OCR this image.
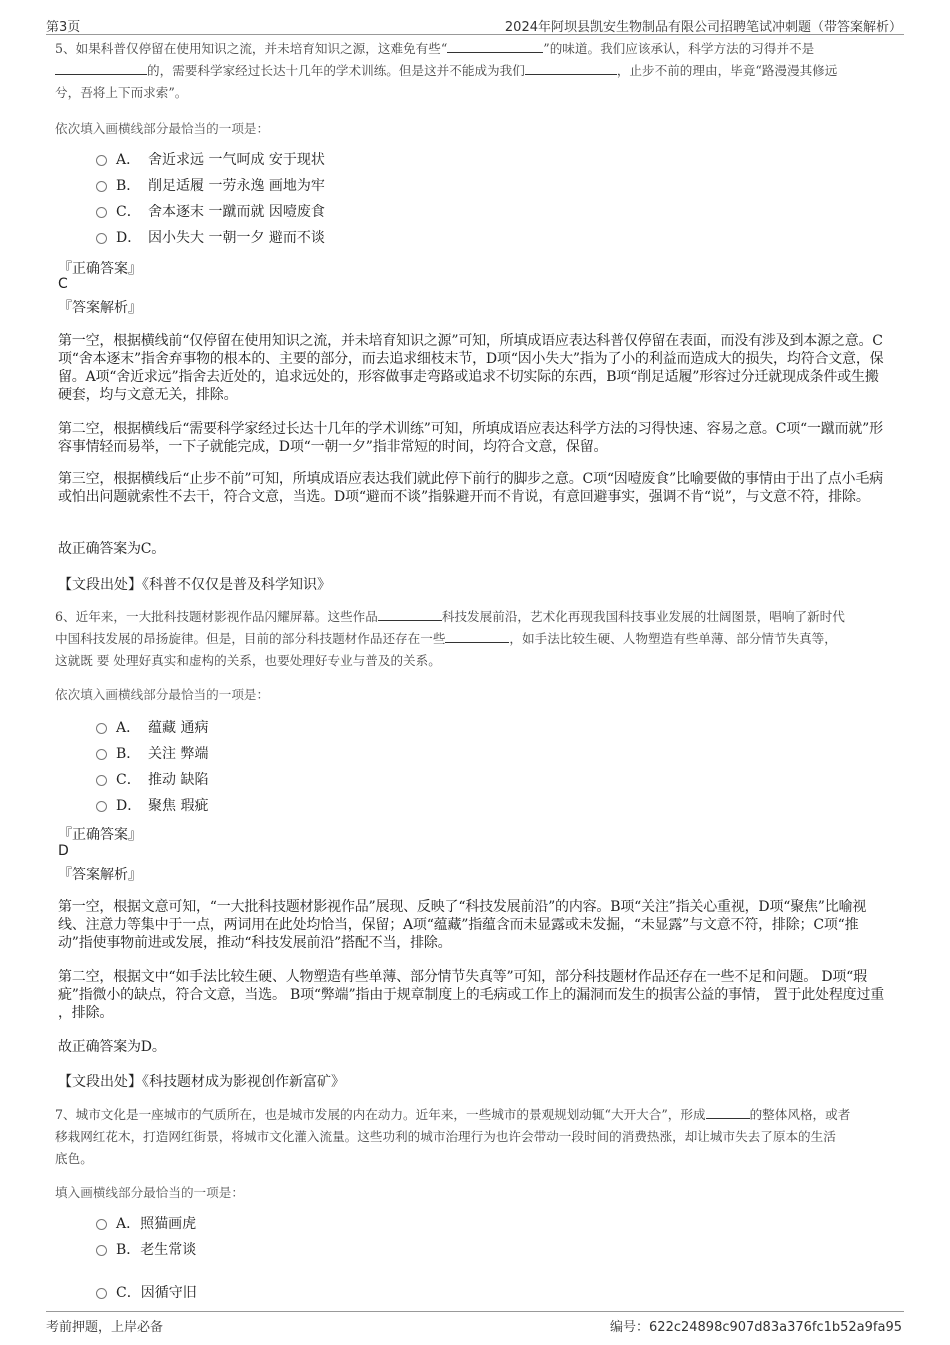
第3页	2024年阿坝县凯安生物制品有限公司招聘笔试冲刺题（带答案解析）

5、如果科普仅停留在使用知识之流，并未培育知识之源，这难免有些“	”的味道。我们应该承认，科学方法的习得并不是
的，需要科学家经过长达十几年的学术训练。但是这并不能成为我们	，止步不前的理由，毕竟“路漫漫其修远
兮，吾将上下而求索”。

依次填入画横线部分最恰当的一项是：

A． 舍近求远 一气呵成 安于现状
B． 削足适履 一劳永逸 画地为牢
C． 舍本逐末 一蹴而就 因噎废食
D． 因小失大 一朝一夕 避而不谈
『正确答案』
C
『答案解析』

第一空，根据横线前“仅停留在使用知识之流，并未培育知识之源”可知，所填成语应表达科普仅停留在表面，而没有涉及到本源之意。C项“舍本逐末”指舍弃事物的根本的、主要的部分，而去追求细枝末节，D项“因小失大”指为了小的利益而造成大的损失，均符合文意，保留。A项“舍近求远”指舍去近处的，追求远处的，形容做事走弯路或追求不切实际的东西，B项“削足适履”形容过分迁就现成条件或生搬硬套，均与文意无关，排除。

第二空，根据横线后“需要科学家经过长达十几年的学术训练”可知，所填成语应表达科学方法的习得快速、容易之意。C项“一蹴而就”形容事情轻而易举，一下子就能完成，D项“一朝一夕”指非常短的时间，均符合文意，保留。

第三空，根据横线后“止步不前”可知，所填成语应表达我们就此停下前行的脚步之意。C项“因噎废食”比喻要做的事情由于出了点小毛病或怕出问题就索性不去干，符合文意，当选。D项“避而不谈”指躲避开而不肯说，有意回避事实，强调不肯“说”，与文意不符，排除。

故正确答案为C。

【文段出处】《科普不仅仅是普及科学知识》

6、近年来，一大批科技题材影视作品闪耀屏幕。这些作品	科技发展前沿，艺术化再现我国科技事业发展的壮阔图景，唱响了新时代
中国科技发展的昂扬旋律。但是，目前的部分科技题材作品还存在一些	，如手法比较生硬、人物塑造有些单薄、部分情节失真等，
这就既 要 处理好真实和虚构的关系，也要处理好专业与普及的关系。

依次填入画横线部分最恰当的一项是：

A． 蕴藏 通病
B． 关注 弊端
C． 推动 缺陷
D． 聚焦 瑕疵
『正确答案』
D
『答案解析』

第一空，根据文意可知，“一大批科技题材影视作品”展现、反映了“科技发展前沿”的内容。B项“关注”指关心重视，D项“聚焦”比喻视线、注意力等集中于一点，两词用在此处均恰当，保留；A项“蕴藏”指蕴含而未显露或未发掘，“未显露”与文意不符，排除；C项“推动”指使事物前进或发展，推动“科技发展前沿”搭配不当，排除。

第二空，根据文中“如手法比较生硬、人物塑造有些单薄、部分情节失真等”可知，部分科技题材作品还存在一些不足和问题。 D项“瑕疵”指微小的缺点，符合文意，当选。 B项“弊端”指由于规章制度上的毛病或工作上的漏洞而发生的损害公益的事情， 置于此处程度过重 ，排除。

故正确答案为D。

【文段出处】《科技题材成为影视创作新富矿》

7、城市文化是一座城市的气质所在，也是城市发展的内在动力。近年来，一些城市的景观规划动辄“大开大合”，形成	的整体风格，或者
移栽网红花木，打造网红街景，将城市文化灌入流量。这些功利的城市治理行为也许会带动一段时间的消费热涨，却让城市失去了原本的生活
底色。

填入画横线部分最恰当的一项是：

A．照猫画虎
B．老生常谈
C．因循守旧
考前押题，上岸必备	编号：622c24898c907d83a376fc1b52a9fa95
